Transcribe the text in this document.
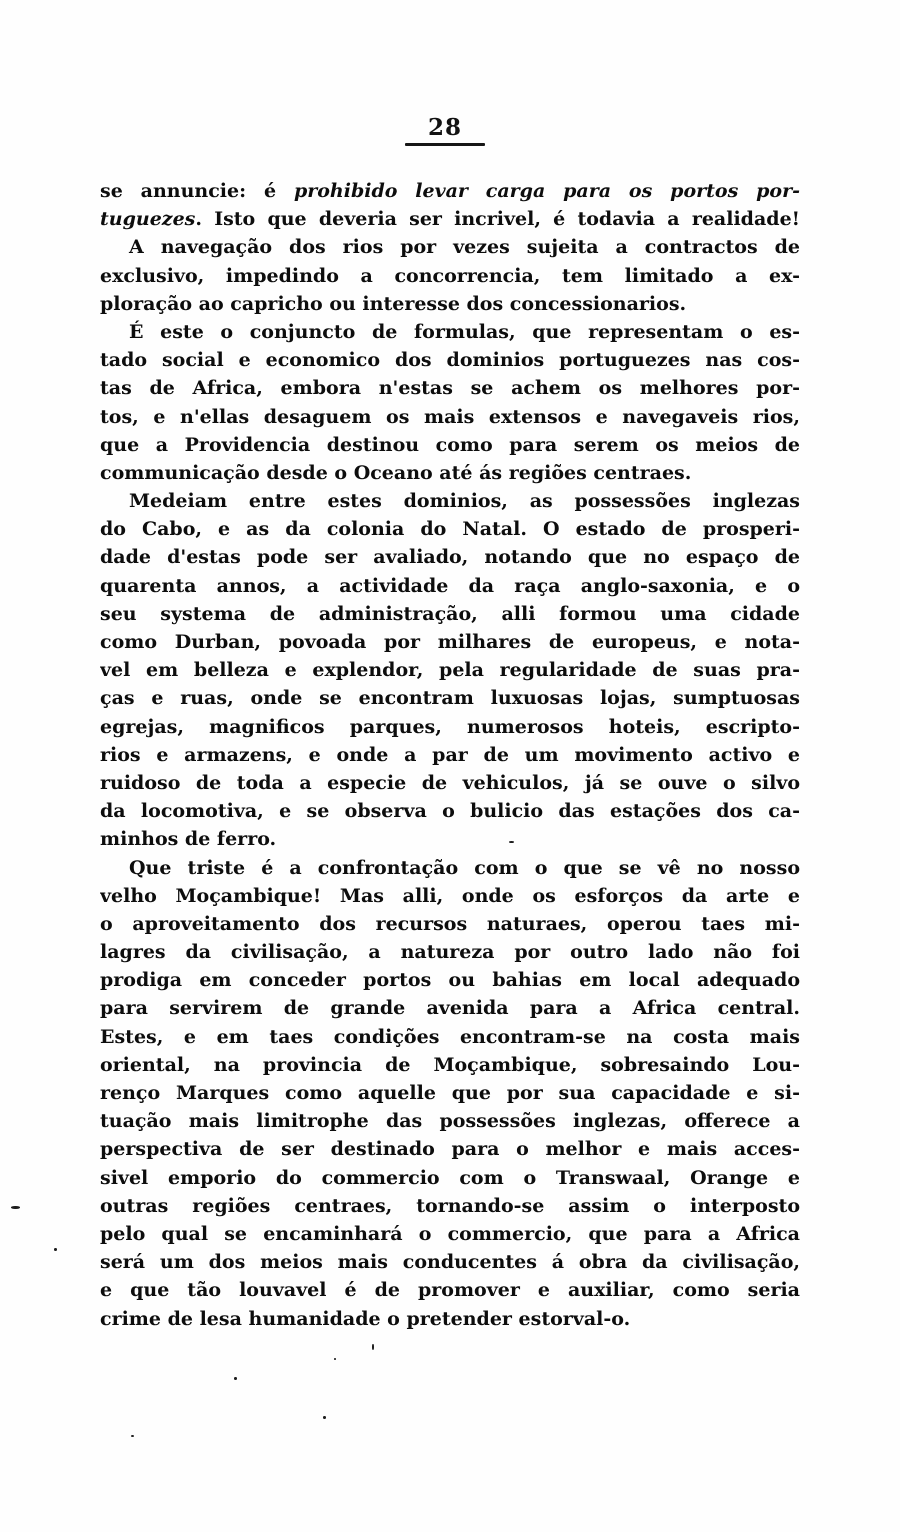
28
se annuncie: é prohibido levar carga para os portos por-
tuguezes. Isto que deveria ser incrivel, é todavia a realidade!
A navegação dos rios por vezes sujeita a contractos de
exclusivo, impedindo a concorrencia, tem limitado a ex-
ploração ao capricho ou interesse dos concessionarios.
É este o conjuncto de formulas, que representam o es-
tado social e economico dos dominios portuguezes nas cos-
tas de Africa, embora n'estas se achem os melhores por-
tos, e n'ellas desaguem os mais extensos e navegaveis rios,
que a Providencia destinou como para serem os meios de
communicação desde o Oceano até ás regiões centraes.
Medeiam entre estes dominios, as possessões inglezas
do Cabo, e as da colonia do Natal. O estado de prosperi-
dade d'estas pode ser avaliado, notando que no espaço de
quarenta annos, a actividade da raça anglo-saxonia, e o
seu systema de administração, alli formou uma cidade
como Durban, povoada por milhares de europeus, e nota-
vel em belleza e explendor, pela regularidade de suas pra-
ças e ruas, onde se encontram luxuosas lojas, sumptuosas
egrejas, magnificos parques, numerosos hoteis, escripto-
rios e armazens, e onde a par de um movimento activo e
ruidoso de toda a especie de vehiculos, já se ouve o silvo
da locomotiva, e se observa o bulicio das estações dos ca-
minhos de ferro.
Que triste é a confrontação com o que se vê no nosso
velho Moçambique! Mas alli, onde os esforços da arte e
o aproveitamento dos recursos naturaes, operou taes mi-
lagres da civilisação, a natureza por outro lado não foi
prodiga em conceder portos ou bahias em local adequado
para servirem de grande avenida para a Africa central.
Estes, e em taes condições encontram-se na costa mais
oriental, na provincia de Moçambique, sobresaindo Lou-
renço Marques como aquelle que por sua capacidade e si-
tuação mais limitrophe das possessões inglezas, offerece a
perspectiva de ser destinado para o melhor e mais acces-
sivel emporio do commercio com o Transwaal, Orange e
outras regiões centraes, tornando-se assim o interposto
pelo qual se encaminhará o commercio, que para a Africa
será um dos meios mais conducentes á obra da civilisação,
e que tão louvavel é de promover e auxiliar, como seria
crime de lesa humanidade o pretender estorval-o.
